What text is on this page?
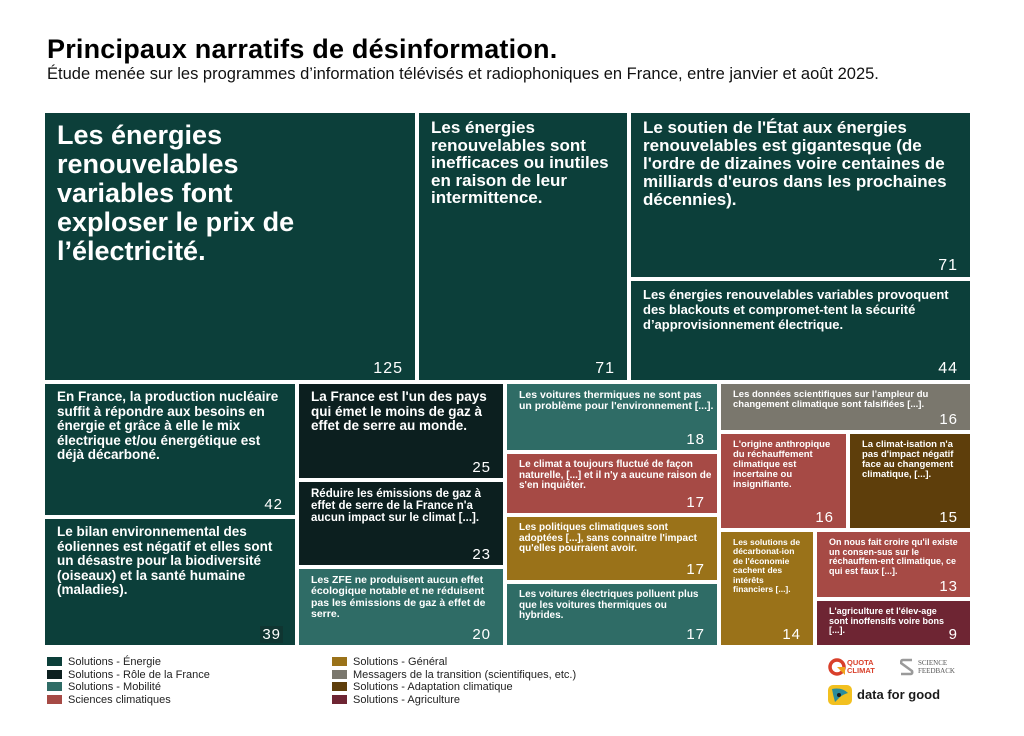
Principaux narratifs de désinformation.
Étude menée sur les programmes d’information télévisés et radiophoniques en France, entre janvier et août 2025.
Les énergies renouvelables variables font exploser le prix de l’électricité.
125
Les énergies renouvelables sont inefficaces ou inutiles en raison de leur intermittence.
71
Le soutien de l'État aux énergies renouvelables est gigantesque (de l'ordre de dizaines voire centaines de milliards d'euros dans les prochaines décennies).
71
Les énergies renouvelables variables provoquent des blackouts et compromet-tent la sécurité d’approvisionnement électrique.
44
En France, la production nucléaire suffit à répondre aux besoins en énergie et grâce à elle le mix électrique et/ou énergétique est déjà décarboné.
42
Le bilan environnemental des éoliennes est négatif et elles sont un désastre pour la biodiversité (oiseaux) et la santé humaine (maladies).
39
La France est l'un des pays qui émet le moins de gaz à effet de serre au monde.
25
Réduire les émissions de gaz à effet de serre de la France n'a aucun impact sur le climat [...].
23
Les ZFE ne produisent aucun effet écologique notable et ne réduisent pas les émissions de gaz à effet de serre.
20
Les voitures thermiques ne sont pas un problème pour l'environnement [...].
18
Le climat a toujours fluctué de façon naturelle, [...] et il n'y a aucune raison de s'en inquiéter.
17
Les politiques climatiques sont adoptées [...], sans connaitre l'impact qu'elles pourraient avoir.
17
Les voitures électriques polluent plus que les voitures thermiques ou hybrides.
17
Les données scientifiques sur l’ampleur du changement climatique sont falsifiées [...].
16
L'origine anthropique du réchauffement climatique est incertaine ou insignifiante.
16
La climat-isation n'a pas d'impact négatif face au changement climatique, [...].
15
Les solutions de décarbonat-ion de l'économie cachent des intérêts financiers [...].
14
On nous fait croire qu'il existe un consen-sus sur le réchauffem-ent climatique, ce qui est faux [...].
13
L'agriculture et l'élev-age sont inoffensifs voire bons [...].	9
Solutions - Énergie
Solutions - Rôle de la France
Solutions - Mobilité
Sciences climatiques
Solutions - Général
Messagers de la transition (scientifiques, etc.)
Solutions - Adaptation climatique
Solutions - Agriculture
QUOTA CLIMAT
SCIENCE
FEEDBACK
data for good
